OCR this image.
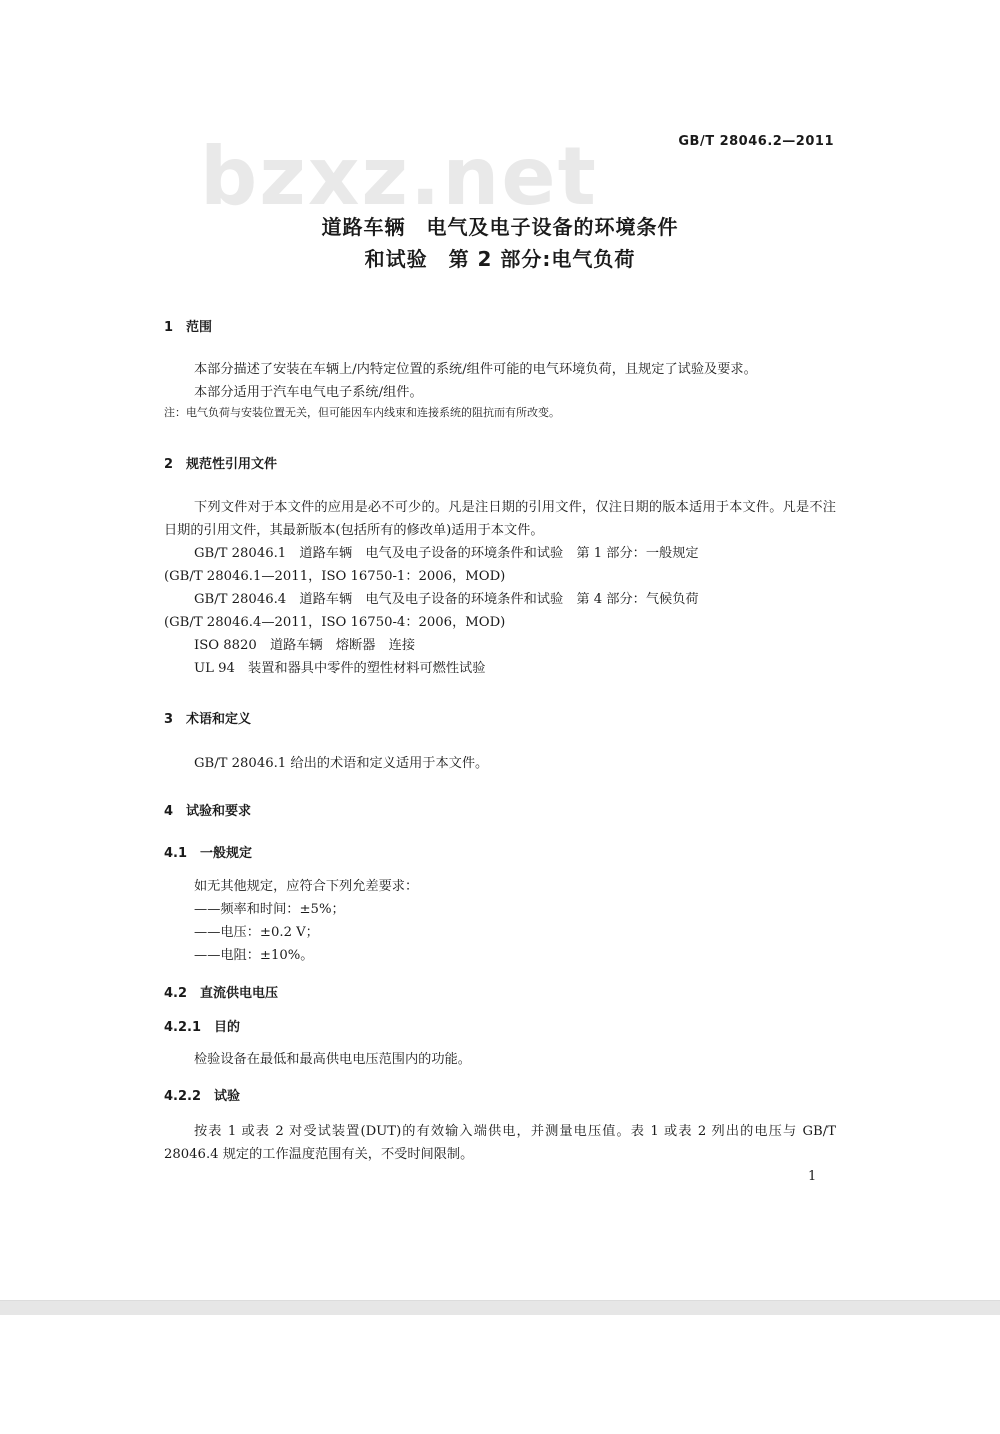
bzxz.net	GB/T 28046.2—2011
道路车辆　电气及电子设备的环境条件
和试验　第 2 部分:电气负荷
1　范围
本部分描述了安装在车辆上/内特定位置的系统/组件可能的电气环境负荷，且规定了试验及要求。
本部分适用于汽车电气电子系统/组件。
注：电气负荷与安装位置无关，但可能因车内线束和连接系统的阻抗而有所改变。
2　规范性引用文件

下列文件对于本文件的应用是必不可少的。凡是注日期的引用文件，仅注日期的版本适用于本文件。凡是不注日期的引用文件，其最新版本(包括所有的修改单)适用于本文件。

GB/T 28046.1　道路车辆　电气及电子设备的环境条件和试验　第 1 部分：一般规定
(GB/T 28046.1—2011，ISO 16750-1：2006，MOD)
GB/T 28046.4　道路车辆　电气及电子设备的环境条件和试验　第 4 部分：气候负荷
(GB/T 28046.4—2011，ISO 16750-4：2006，MOD)
ISO 8820　道路车辆　熔断器　连接
UL 94　装置和器具中零件的塑性材料可燃性试验
3　术语和定义
GB/T 28046.1 给出的术语和定义适用于本文件。
4　试验和要求
4.1　一般规定
如无其他规定，应符合下列允差要求：
——频率和时间：±5%；
——电压：±0.2 V；
——电阻：±10%。
4.2　直流供电电压
4.2.1　目的
检验设备在最低和最高供电电压范围内的功能。
4.2.2　试验

按表 1 或表 2 对受试装置(DUT)的有效输入端供电，并测量电压值。表 1 或表 2 列出的电压与 GB/T 28046.4 规定的工作温度范围有关，不受时间限制。

1
